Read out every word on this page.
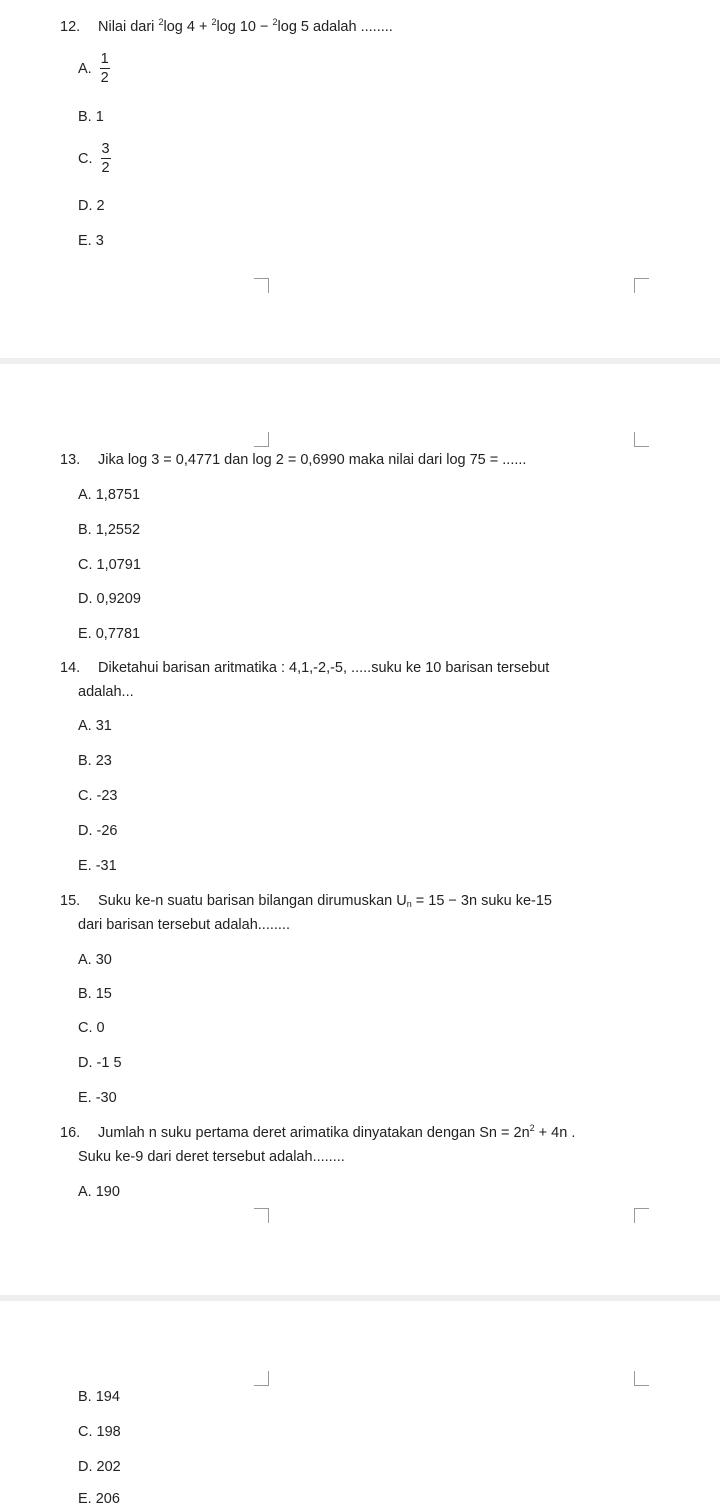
12. Nilai dari $^2$log 4 + $^2$log 10 − $^2$log 5 adalah ........
A. $\frac{1}{2}$
B. 1
C. $\frac{3}{2}$
D. 2
E. 3
13. Jika log 3 = 0,4771 dan log 2 = 0,6990 maka nilai dari log 75 = ......
A. 1,8751
B. 1,2552
C. 1,0791
D. 0,9209
E. 0,7781
14. Diketahui barisan aritmatika : 4,1,-2,-5, .....suku ke 10 barisan tersebut
adalah...
A. 31
B. 23
C. -23
D. -26
E. -31
15. Suku ke-n suatu barisan bilangan dirumuskan $U_n = 15 - 3n$ suku ke-15
dari barisan tersebut adalah........
A. 30
B. 15
C. 0
D. -1 5
E. -30
16. Jumlah n suku pertama deret arimatika dinyatakan dengan $Sn = 2n^2 + 4n$ .
Suku ke-9 dari deret tersebut adalah........
A. 190
B. 194
C. 198
D. 202
E. 206
